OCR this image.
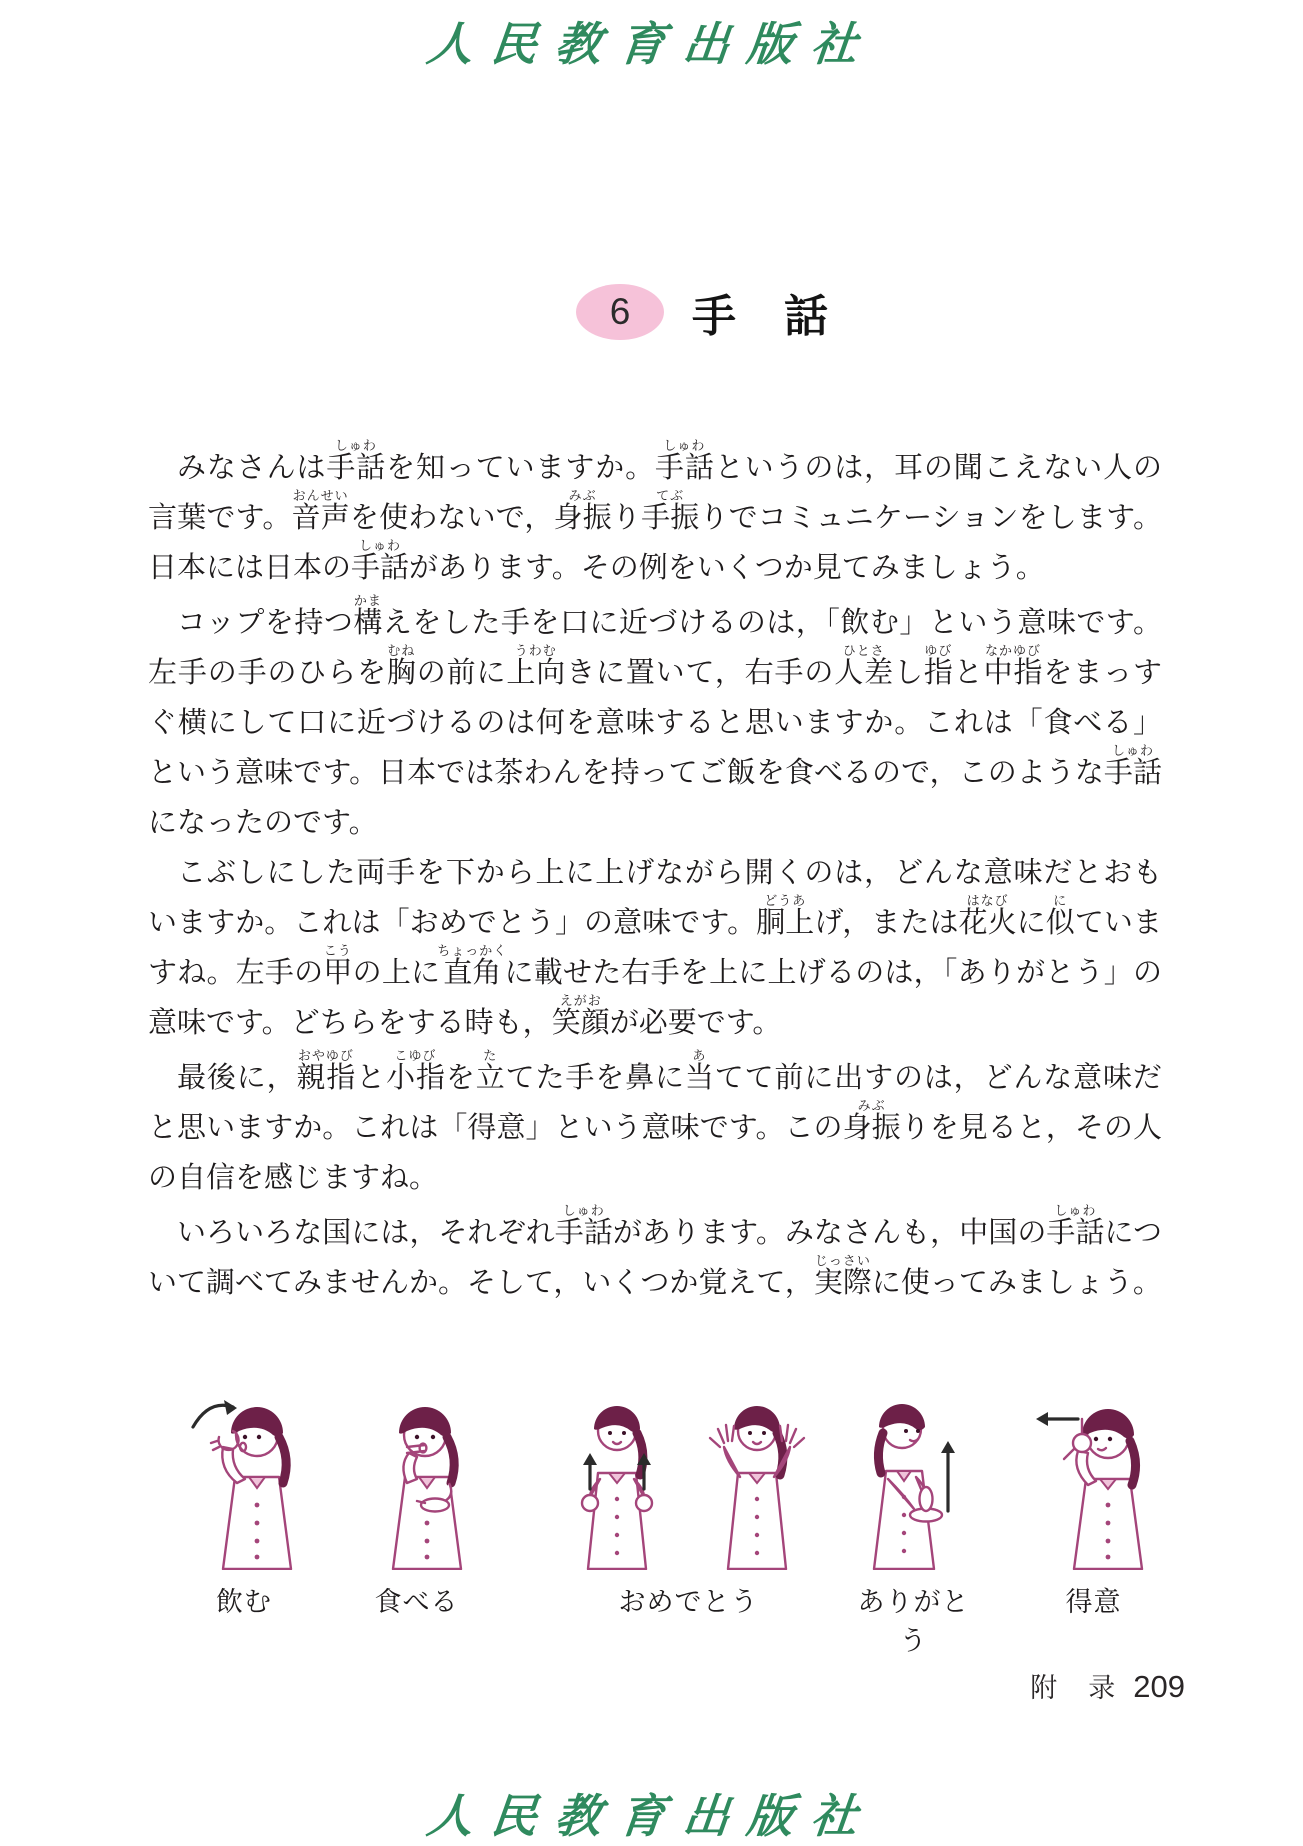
人民教育出版社
6	手　話

みなさんは手話しゅわを知っていますか。手話しゅわというのは，耳の聞こえない人の言葉です。音声おんせいを使わないで，身振みぶり手振てぶりでコミュニケーションをします。日本には日本の手話しゅわがあります。その例をいくつか見てみましょう。

コップを持つ構かまえをした手を口に近づけるのは，「飲む」という意味です。左手の手のひらを胸むねの前に上向うわむきに置いて，右手の人差ひとさし指ゆびと中指なかゆびをまっすぐ横にして口に近づけるのは何を意味すると思いますか。これは「食べる」という意味です。日本では茶わんを持ってご飯を食べるので，このような手話しゅわになったのです。

こぶしにした両手を下から上に上げながら開くのは，どんな意味だとおもいますか。これは「おめでとう」の意味です。胴上どうあげ，または花火はなびに似にていますね。左手の甲こうの上に直角ちょっかくに載せた右手を上に上げるのは，「ありがとう」の意味です。どちらをする時も，笑顔えがおが必要です。

最後に，親指おやゆびと小指こゆびを立たてた手を鼻に当あてて前に出すのは，どんな意味だと思いますか。これは「得意」という意味です。この身振みぶりを見ると，その人の自信を感じますね。

いろいろな国には，それぞれ手話しゅわがあります。みなさんも，中国の手話しゅわについて調べてみませんか。そして，いくつか覚えて，実際じっさいに使ってみましょう。

飲む	食べる	おめでとう	ありがとう
得意
附　录 209
人民教育出版社
